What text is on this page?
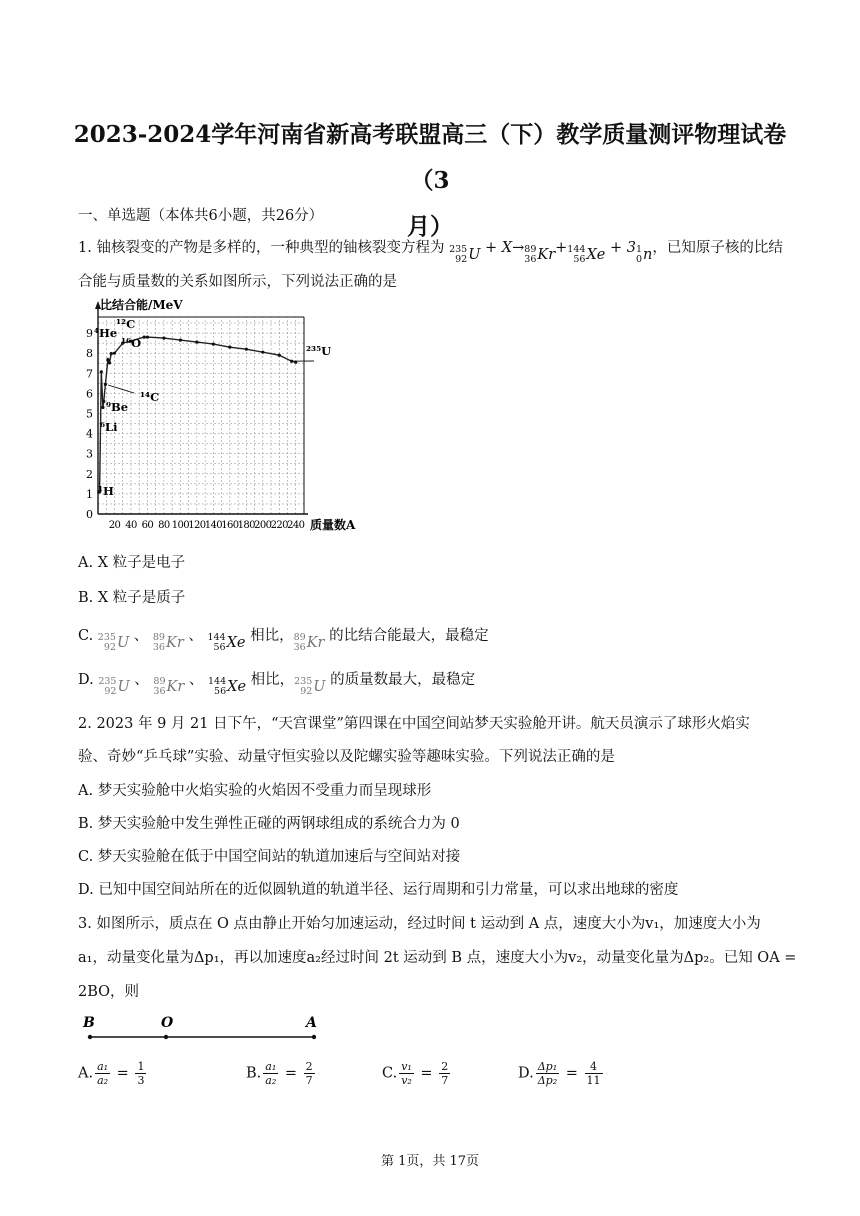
2023-2024学年河南省新高考联盟高三（下）教学质量测评物理试卷（3
月）
一、单选题（本体共6小题，共26分）
1. 铀核裂变的产物是多样的，一种典型的铀核裂变方程为 235
92 U + X→ 89
36 Kr+ 144
56 Xe + 3 1
0 n，已知原子核的比结
合能与质量数的关系如图所示，下列说法正确的是
0
1
2
3
4
5
6
7
8
9
20 40 60 80 100 120 140 160 180 200 220 240
⁴He
¹²C
¹⁶O
²³⁵U
¹⁴C
⁹Be
⁶Li
¹H
比结合能/MeV
质量数A
A. X 粒子是电子
B. X 粒子是质子
C. 235
92 U 、 89
36 Kr 、 144
56 Xe 相比， 89
36 Kr 的比结合能最大，最稳定
D. 235
92 U 、 89
36 Kr 、 144
56 Xe 相比， 235
92 U 的质量数最大，最稳定
2. 2023 年 9 月 21 日下午，“天宫课堂”第四课在中国空间站梦天实验舱开讲。航天员演示了球形火焰实
验、奇妙“乒乓球”实验、动量守恒实验以及陀螺实验等趣味实验。下列说法正确的是
A. 梦天实验舱中火焰实验的火焰因不受重力而呈现球形
B. 梦天实验舱中发生弹性正碰的两钢球组成的系统合力为 0
C. 梦天实验舱在低于中国空间站的轨道加速后与空间站对接
D. 已知中国空间站所在的近似圆轨道的轨道半径、运行周期和引力常量，可以求出地球的密度
3. 如图所示，质点在 O 点由静止开始匀加速运动，经过时间 t 运动到 A 点，速度大小为v₁，加速度大小为
a₁，动量变化量为Δp₁，再以加速度a₂经过时间 2t 运动到 B 点，速度大小为v₂，动量变化量为Δp₂。已知 OA =
2BO，则
B	O	A
A. $\frac{\text{a₁}}{\text{a₂}} = \frac{1}{3}$	B. $\frac{\text{a₁}}{\text{a₂}} = \frac{2}{7}$	C. $\frac{\text{v₁}}{\text{v₂}} = \frac{2}{7}$	D. $\frac{\text{Δp₁}}{\text{Δp₂}} = \frac{4}{11}$
第 1页，共 17页
